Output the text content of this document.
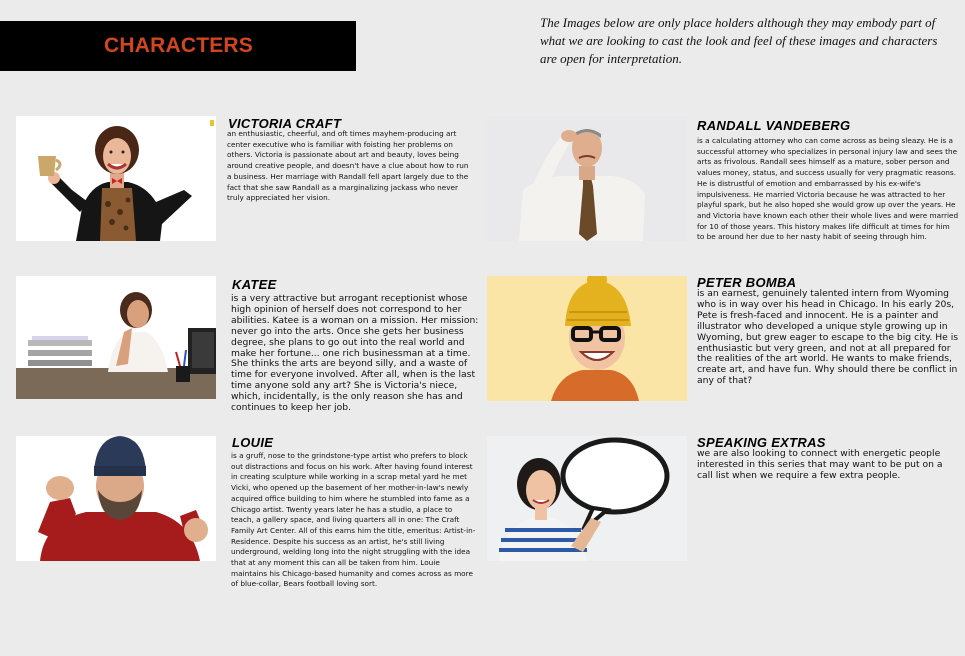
CHARACTERS
The Images below are only place holders although they may embody part of what we are looking to cast the look and feel of these images and characters are open for interpretation.
VICTORIA CRAFT
an enthusiastic, cheerful, and oft times mayhem-producing art center executive who is familiar with foisting her problems on others. Victoria is passionate about art and beauty, loves being around creative people, and doesn't have a clue about how to run a business. Her marriage with Randall fell apart largely due to the fact that she saw Randall as a marginalizing jackass who never truly appreciated her vision.
RANDALL VANDEBERG
is a calculating attorney who can come across as being sleazy. He is a successful attorney who specializes in personal injury law and sees the arts as frivolous. Randall sees himself as a mature, sober person and values money, status, and success usually for very pragmatic reasons. He is distrustful of emotion and embarrassed by his ex-wife's impulsiveness. He married Victoria because he was attracted to her playful spark, but he also hoped she would grow up over the years. He and Victoria have known each other their whole lives and were married for 10 of those years. This history makes life difficult at times for him to be around her due to her nasty habit of seeing through him.
KATEE
is a very attractive but arrogant receptionist whose high opinion of herself does not correspond to her abilities. Katee is a woman on a mission. Her mission: never go into the arts. Once she gets her business degree, she plans to go out into the real world and make her fortune... one rich businessman at a time. She thinks the arts are beyond silly, and a waste of time for everyone involved. After all, when is the last time anyone sold any art? She is Victoria's niece, which, incidentally, is the only reason she has and continues to keep her job.
PETER BOMBA
is an earnest, genuinely talented intern from Wyoming who is in way over his head in Chicago. In his early 20s, Pete is fresh-faced and innocent. He is a painter and illustrator who developed a unique style growing up in Wyoming, but grew eager to escape to the big city. He is enthusiastic but very green, and not at all prepared for the realities of the art world. He wants to make friends, create art, and have fun. Why should there be conflict in any of that?
LOUIE
is a gruff, nose to the grindstone-type artist who prefers to block out distractions and focus on his work. After having found interest in creating sculpture while working in a scrap metal yard he met Vicki, who opened up the basement of her mother-in-law's newly acquired office building to him where he stumbled into fame as a Chicago artist. Twenty years later he has a studio, a place to teach, a gallery space, and living quarters all in one: The Craft Family Art Center. All of this earns him the title, emeritus: Artist-in-Residence. Despite his success as an artist, he's still living underground, welding long into the night struggling with the idea that at any moment this can all be taken from him. Louie maintains his Chicago-based humanity and comes across as more of blue-collar, Bears football loving sort.
SPEAKING EXTRAS
we are also looking to connect with energetic people interested in this series that may want to be put on a call list when we require a few extra people.
